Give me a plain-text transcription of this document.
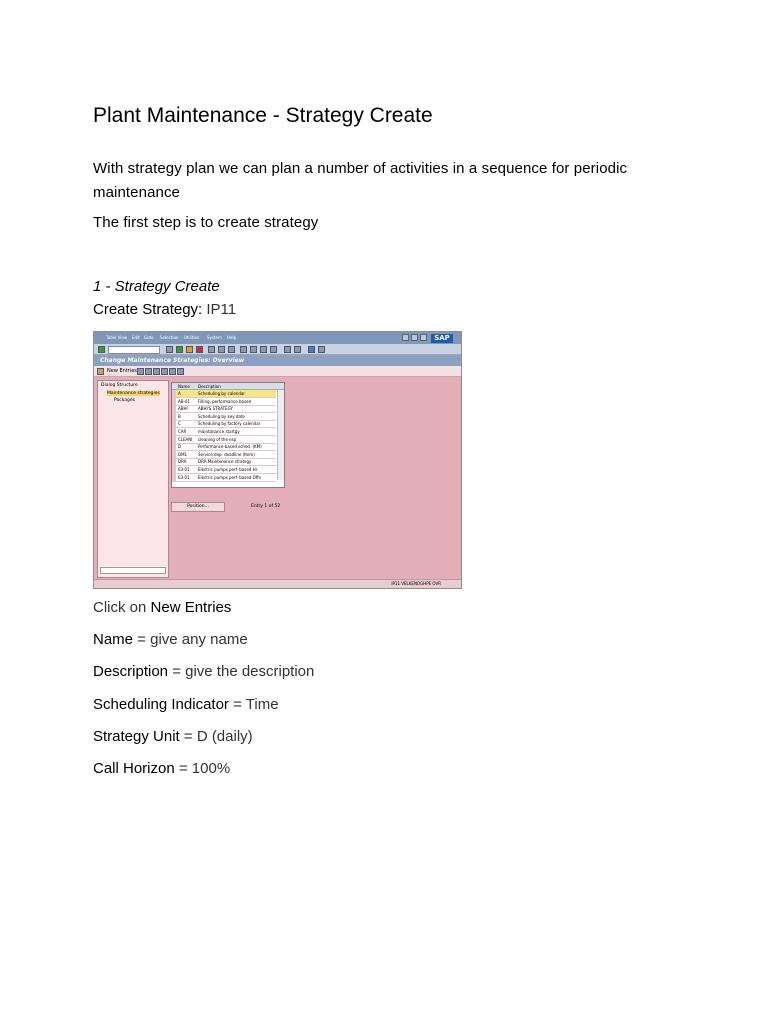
Plant Maintenance - Strategy Create

With strategy plan we can plan a number of activities in a sequence for periodic
maintenance

The first step is to create strategy

1 - Strategy Create

Create Strategy: IP11

Table View Edit Goto Selection Utilities System Help	SAP
Change Maintenance Strategies: Overview
New Entries
Dialog Structure
Maintenance strategies
Packages
Name Description
A	Scheduling by calendar
AB-01 Filling, performance based
ABHI	ABHI'S STRATEGY
B	Scheduling by key date
C	Scheduling by factory calendar
CAR	maintanance startgy
CLEANI cleaning of the esp
D	Performance-based sched. (KM)
DM1	Service dep. deadline (Item)
DRA	DRA Maintenance strategy
E3-01 Electric pumps perf. based Hr
E3-01 Electric pumps perf. based Offn
Position...	Entry 1 of 52
IP11 VELKENOGHPE OVR

Click on New Entries

Name = give any name

Description = give the description

Scheduling Indicator = Time

Strategy Unit = D (daily)

Call Horizon = 100%
